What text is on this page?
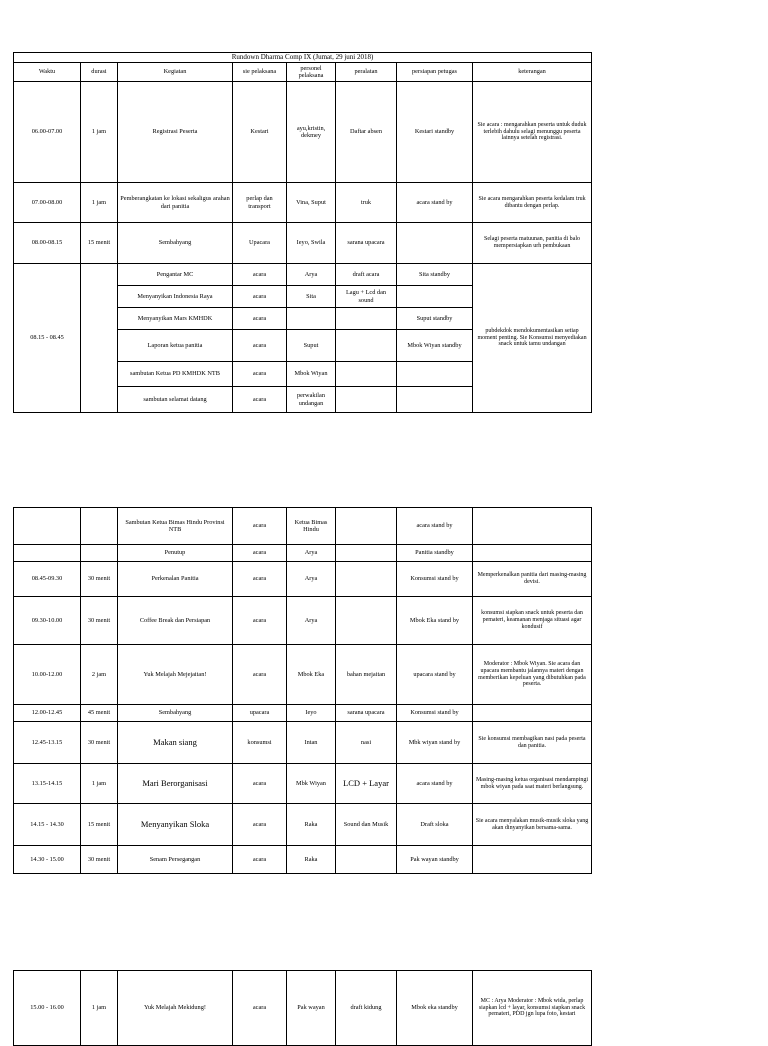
Rundown Dharma Comp IX (Jumat, 29 juni 2018)							
Waktu	durasi	Kegiatan	sie pelaksana	personel pelaksana	peralatan	persiapan petugas	keterangan
06.00-07.00	1 jam	Registrasi Peserta	Kestari	ayu,kristin, dekmey	Daftar absen	Kestari standby	Sie acara : mengarahkan peserta untuk duduk terlebih dahulu selagi menunggu peserta lainnya setelah registrasi.
07.00-08.00	1 jam	Pemberangkatan ke lokasi sekaligus arahan dari panitia	perlap dan transport	Vina, Suput	truk	acara stand by	Sie acara mengarahkan peserta kedalam truk dibantu dengan perlap.
08.00-08.15	15 menit	Sembahyang	Upacara	Ieyo, Swila	sarana upacara		Selagi peserta matuunan, panitia di balo mempersiapkan urh pembukaan
08.15 - 08.45		Pengantar MC	acara	Arya	draft acara	Sita standby	pubdekdok mendokumentasikan setiap moment penting. Sie Konsumsi menyediakan snack untuk tamu undangan
		Menyanyikan Indonesia Raya	acara	Sita	Lagu + Lcd dan sound		
		Menyanyikan Mars KMHDK	acara			Suput standby	
		Laporan ketua panitia	acara	Suput		Mbok Wiyan standby	
		sambutan Ketua PD KMHDK NTB	acara	Mbok Wiyan			
		sambutan selamat datang	acara	perwakilan undangan			
		Sambutan Ketua Bimas Hindu Provinsi NTB	acara	Ketua Bimas Hindu		acara stand by	
		Penutup	acara	Arya		Panitia standby	
08.45-09.30	30 menit	Perkenalan Panitia	acara	Arya		Konsumsi stand by	Memperkenalkan panitia dari masing-masing devisi.
09.30-10.00	30 menit	Coffee Break dan Persiapan	acara	Arya		Mbok Eka stand by	konsumsi siapkan snack untuk peserta dan pemateri, keamanan menjaga situasi agar kondusif
10.00-12.00	2 jam	Yuk Melajah Mejejaitan!	acara	Mbok Eka	bahan mejaitan	upacara stand by	Moderator : Mbok Wiyan. Sie acara dan upacara membantu jalannya materi dengan memberikan kepeluan yang dibutuhkan pada peserta.
12.00-12.45	45 menit	Sembahyang	upacara	Ieyo	sarana upacara	Konsumsi stand by	
12.45-13.15	30 menit	Makan siang	konsumsi	Intan	nasi	Mbk wiyan stand by	Sie konsumsi membagikan nasi pada peserta dan panitia.
13.15-14.15	1 jam	Mari Berorganisasi	acara	Mbk Wiyan	LCD + Layar	acara stand by	Masing-masing ketua organisasi mendampingi mbok wiyan pada saat materi berlangsung.
14.15 - 14.30	15 menit	Menyanyikan Sloka	acara	Raka	Sound dan Musik	Draft sloka	Sie acara menyalakan musik-musik sloka yang akan dinyanyikan bersama-sama.
14.30 - 15.00	30 menit	Senam Persegangan	acara	Raka		Pak wayan standby	
15.00 - 16.00	1 jam	Yuk Melajah Mekidung!	acara	Pak wayan	draft kidung	Mbok eka standby	MC : Arya Moderator : Mbok wida, perlap siapkan lcd + layar, konsumsi siapkan snack pemateri, PDD jgn lupa foto, kestari
